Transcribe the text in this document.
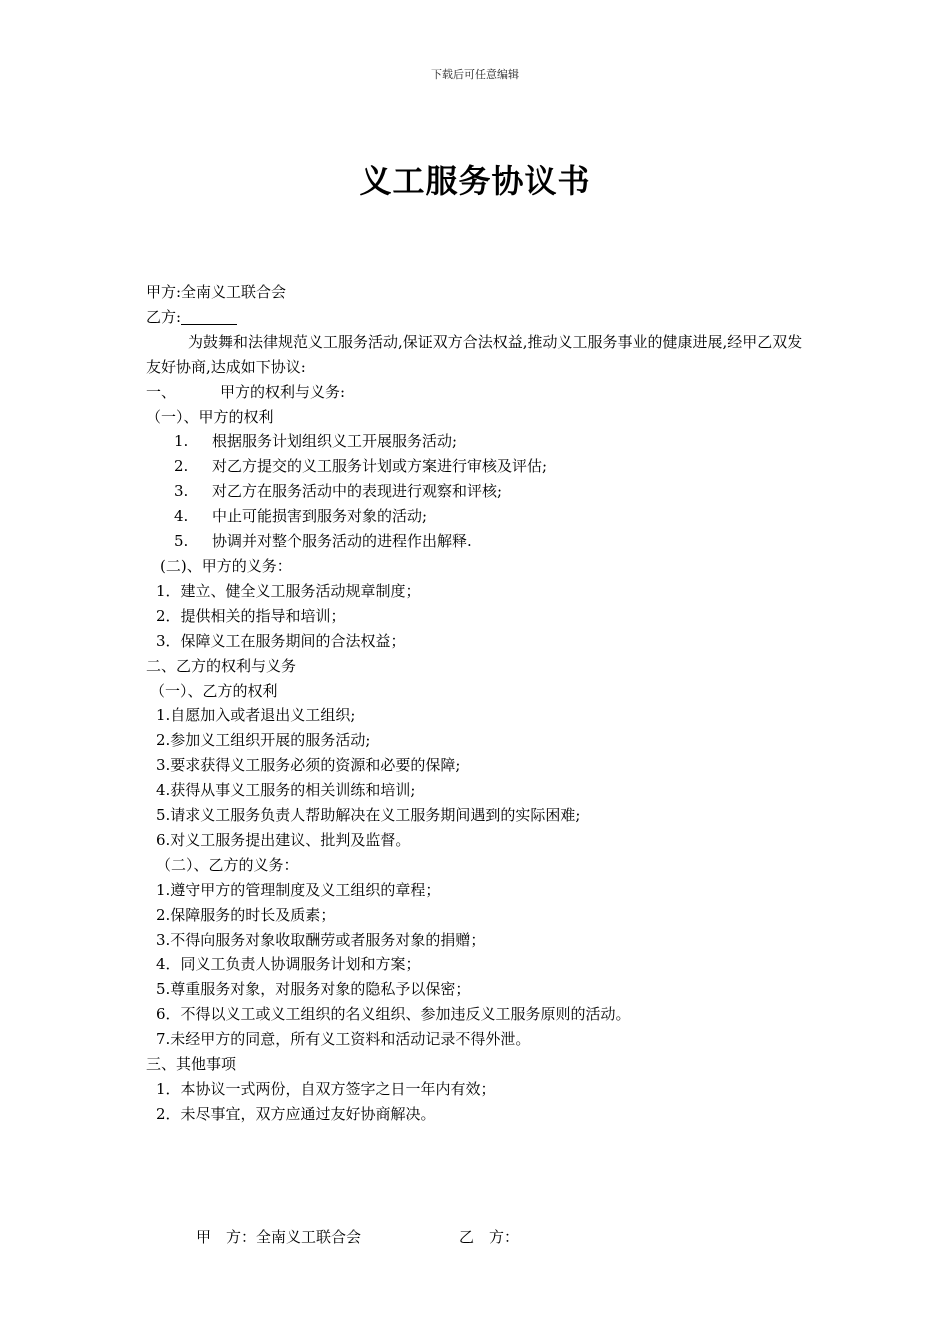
下载后可任意编辑
义工服务协议书
甲方:全南义工联合会
乙方:
为鼓舞和法律规范义工服务活动,保证双方合法权益,推动义工服务事业的健康进展,经甲乙双发友好协商,达成如下协议:
一、	甲方的权利与义务:
（一）、甲方的权利
1. 根据服务计划组织义工开展服务活动;
2. 对乙方提交的义工服务计划或方案进行审核及评估;
3. 对乙方在服务活动中的表现进行观察和评核;
4. 中止可能损害到服务对象的活动;
5. 协调并对整个服务活动的进程作出解释.
(二)、甲方的义务：
1．建立、健全义工服务活动规章制度；
2．提供相关的指导和培训；
3．保障义工在服务期间的合法权益；
二、乙方的权利与义务
（一）、乙方的权利
1.自愿加入或者退出义工组织;
2.参加义工组织开展的服务活动;
3.要求获得义工服务必须的资源和必要的保障;
4.获得从事义工服务的相关训练和培训;
5.请求义工服务负责人帮助解决在义工服务期间遇到的实际困难;
6.对义工服务提出建议、批判及监督。
（二）、乙方的义务：
1.遵守甲方的管理制度及义工组织的章程；
2.保障服务的时长及质素；
3.不得向服务对象收取酬劳或者服务对象的捐赠；
4．同义工负责人协调服务计划和方案；
5.尊重服务对象，对服务对象的隐私予以保密；
6．不得以义工或义工组织的名义组织、参加违反义工服务原则的活动。
7.未经甲方的同意，所有义工资料和活动记录不得外泄。
三、其他事项
1．本协议一式两份，自双方签字之日一年内有效；
2．未尽事宜，双方应通过友好协商解决。
甲　方：全南义工联合会	乙　方：
